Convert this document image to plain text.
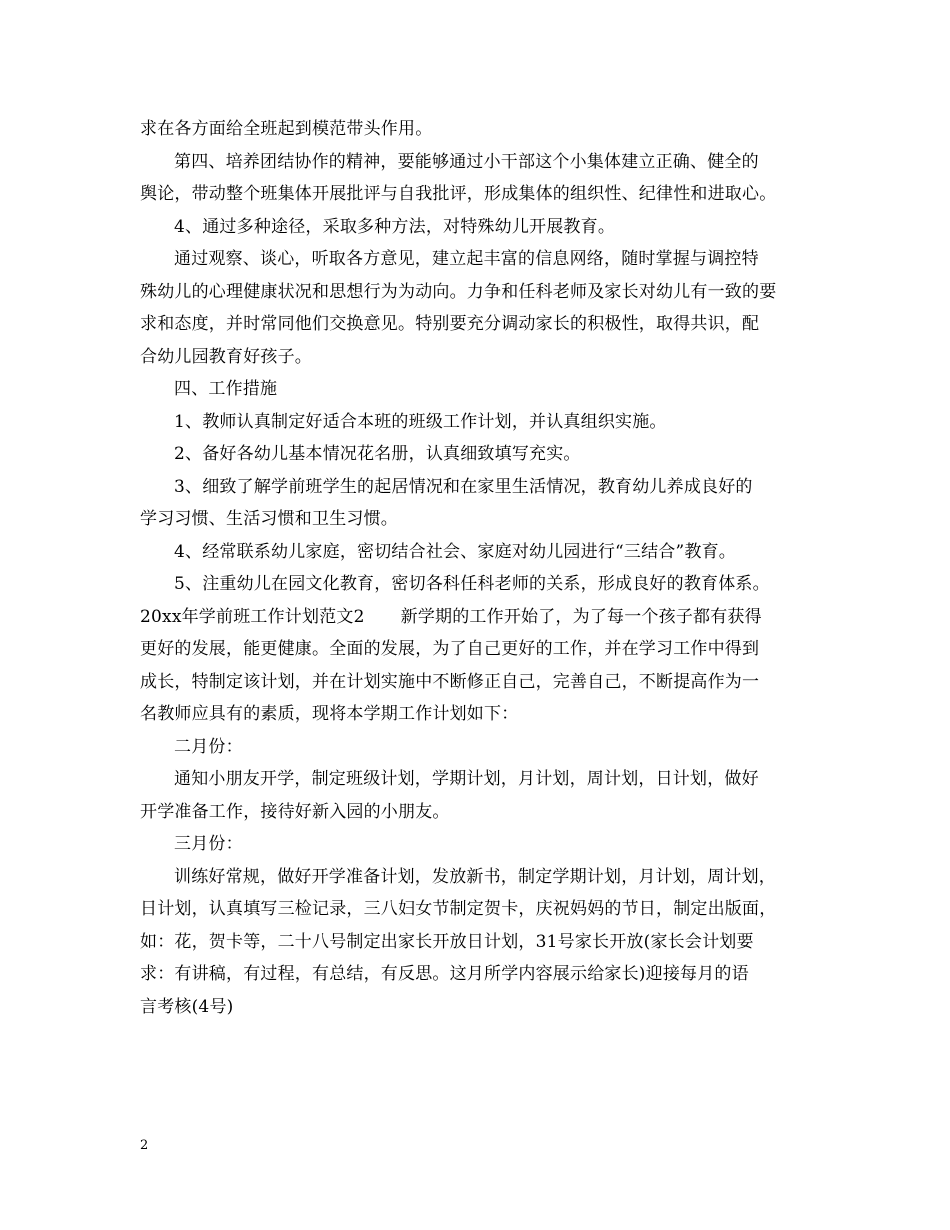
求在各方面给全班起到模范带头作用。
第四、培养团结协作的精神，要能够通过小干部这个小集体建立正确、健全的
舆论，带动整个班集体开展批评与自我批评，形成集体的组织性、纪律性和进取心。
4、通过多种途径，采取多种方法，对特殊幼儿开展教育。
通过观察、谈心，听取各方意见，建立起丰富的信息网络，随时掌握与调控特
殊幼儿的心理健康状况和思想行为为动向。力争和任科老师及家长对幼儿有一致的要
求和态度，并时常同他们交换意见。特别要充分调动家长的积极性，取得共识，配
合幼儿园教育好孩子。
四、工作措施
1、教师认真制定好适合本班的班级工作计划，并认真组织实施。
2、备好各幼儿基本情况花名册，认真细致填写充实。
3、细致了解学前班学生的起居情况和在家里生活情况，教育幼儿养成良好的
学习习惯、生活习惯和卫生习惯。
4、经常联系幼儿家庭，密切结合社会、家庭对幼儿园进行“三结合”教育。
5、注重幼儿在园文化教育，密切各科任科老师的关系，形成良好的教育体系。
20xx年学前班工作计划范文2 新学期的工作开始了，为了每一个孩子都有获得
更好的发展，能更健康。全面的发展，为了自己更好的工作，并在学习工作中得到
成长，特制定该计划，并在计划实施中不断修正自己，完善自己，不断提高作为一
名教师应具有的素质，现将本学期工作计划如下：
二月份：
通知小朋友开学，制定班级计划，学期计划，月计划，周计划，日计划，做好
开学准备工作，接待好新入园的小朋友。
三月份：
训练好常规，做好开学准备计划，发放新书，制定学期计划，月计划，周计划，
日计划，认真填写三检记录，三八妇女节制定贺卡，庆祝妈妈的节日，制定出版面，
如：花，贺卡等，二十八号制定出家长开放日计划，31号家长开放(家长会计划要
求：有讲稿，有过程，有总结，有反思。这月所学内容展示给家长)迎接每月的语
言考核(4号)
2
